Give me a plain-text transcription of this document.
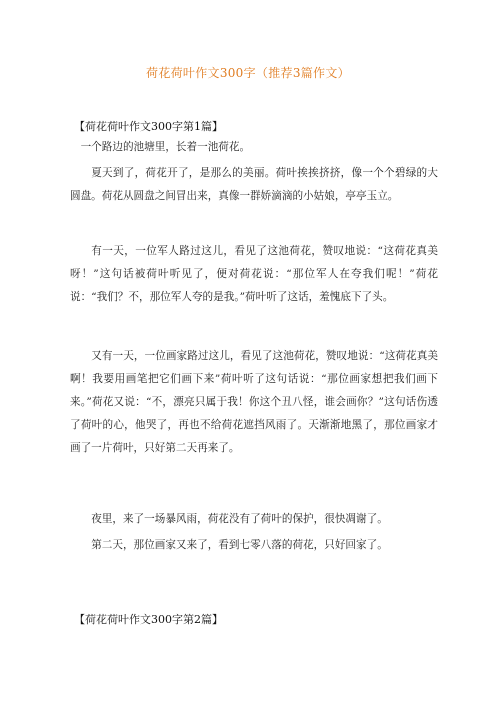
荷花荷叶作文300字（推荐3篇作文）
【荷花荷叶作文300字第1篇】

一个路边的池塘里，长着一池荷花。

夏天到了，荷花开了，是那么的美丽。荷叶挨挨挤挤，像一个个碧绿的大圆盘。荷花从圆盘之间冒出来，真像一群娇滴滴的小姑娘，亭亭玉立。

有一天，一位军人路过这儿，看见了这池荷花，赞叹地说：“这荷花真美呀！”这句话被荷叶听见了，便对荷花说：“那位军人在夸我们呢！”荷花说：“我们？不，那位军人夸的是我。”荷叶听了这话，羞愧底下了头。

又有一天，一位画家路过这儿，看见了这池荷花，赞叹地说：“这荷花真美啊！我要用画笔把它们画下来”荷叶听了这句话说：“那位画家想把我们画下来。”荷花又说：“不，漂亮只属于我！你这个丑八怪，谁会画你？”这句话伤透了荷叶的心，他哭了，再也不给荷花遮挡风雨了。天渐渐地黑了，那位画家才画了一片荷叶，只好第二天再来了。

夜里，来了一场暴风雨，荷花没有了荷叶的保护，很快凋谢了。

第二天，那位画家又来了，看到七零八落的荷花，只好回家了。

【荷花荷叶作文300字第2篇】
